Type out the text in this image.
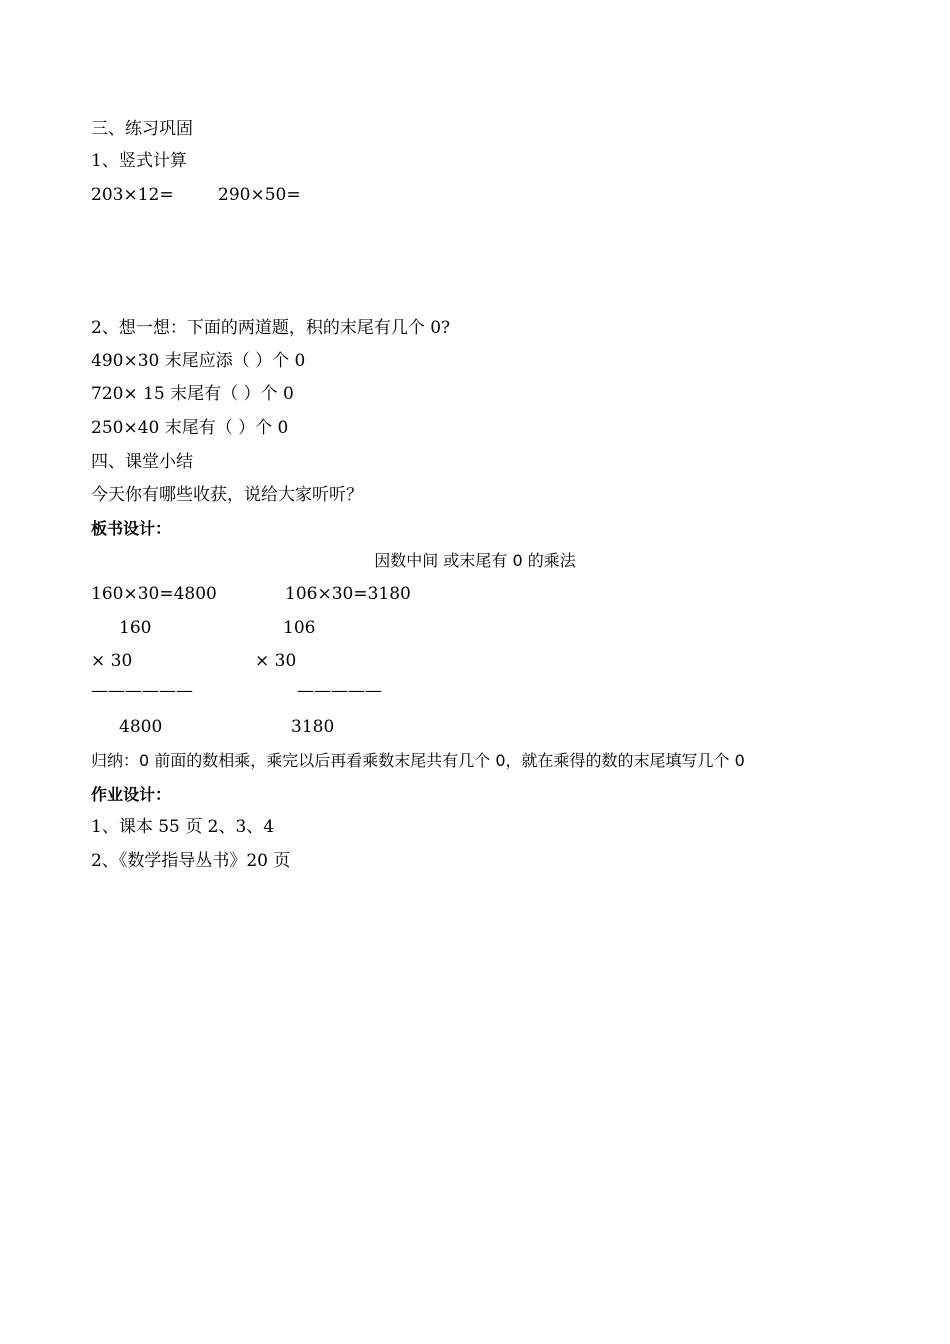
三、练习巩固
1、竖式计算
203×12=	290×50=
2、想一想：下面的两道题，积的末尾有几个 0?
490×30 末尾应添（ ）个 0
720× 15 末尾有（ ）个 0
250×40 末尾有（ ）个 0
四、课堂小结
今天你有哪些收获，说给大家听听？
板书设计：
因数中间 或末尾有 0 的乘法
160×30=4800	106×30=3180
160	106
× 30	× 30
——————	—————
4800	3180
归纳：0 前面的数相乘，乘完以后再看乘数末尾共有几个 0，就在乘得的数的末尾填写几个 0
作业设计：
1、课本 55 页 2、3、4
2、《数学指导丛书》20 页
